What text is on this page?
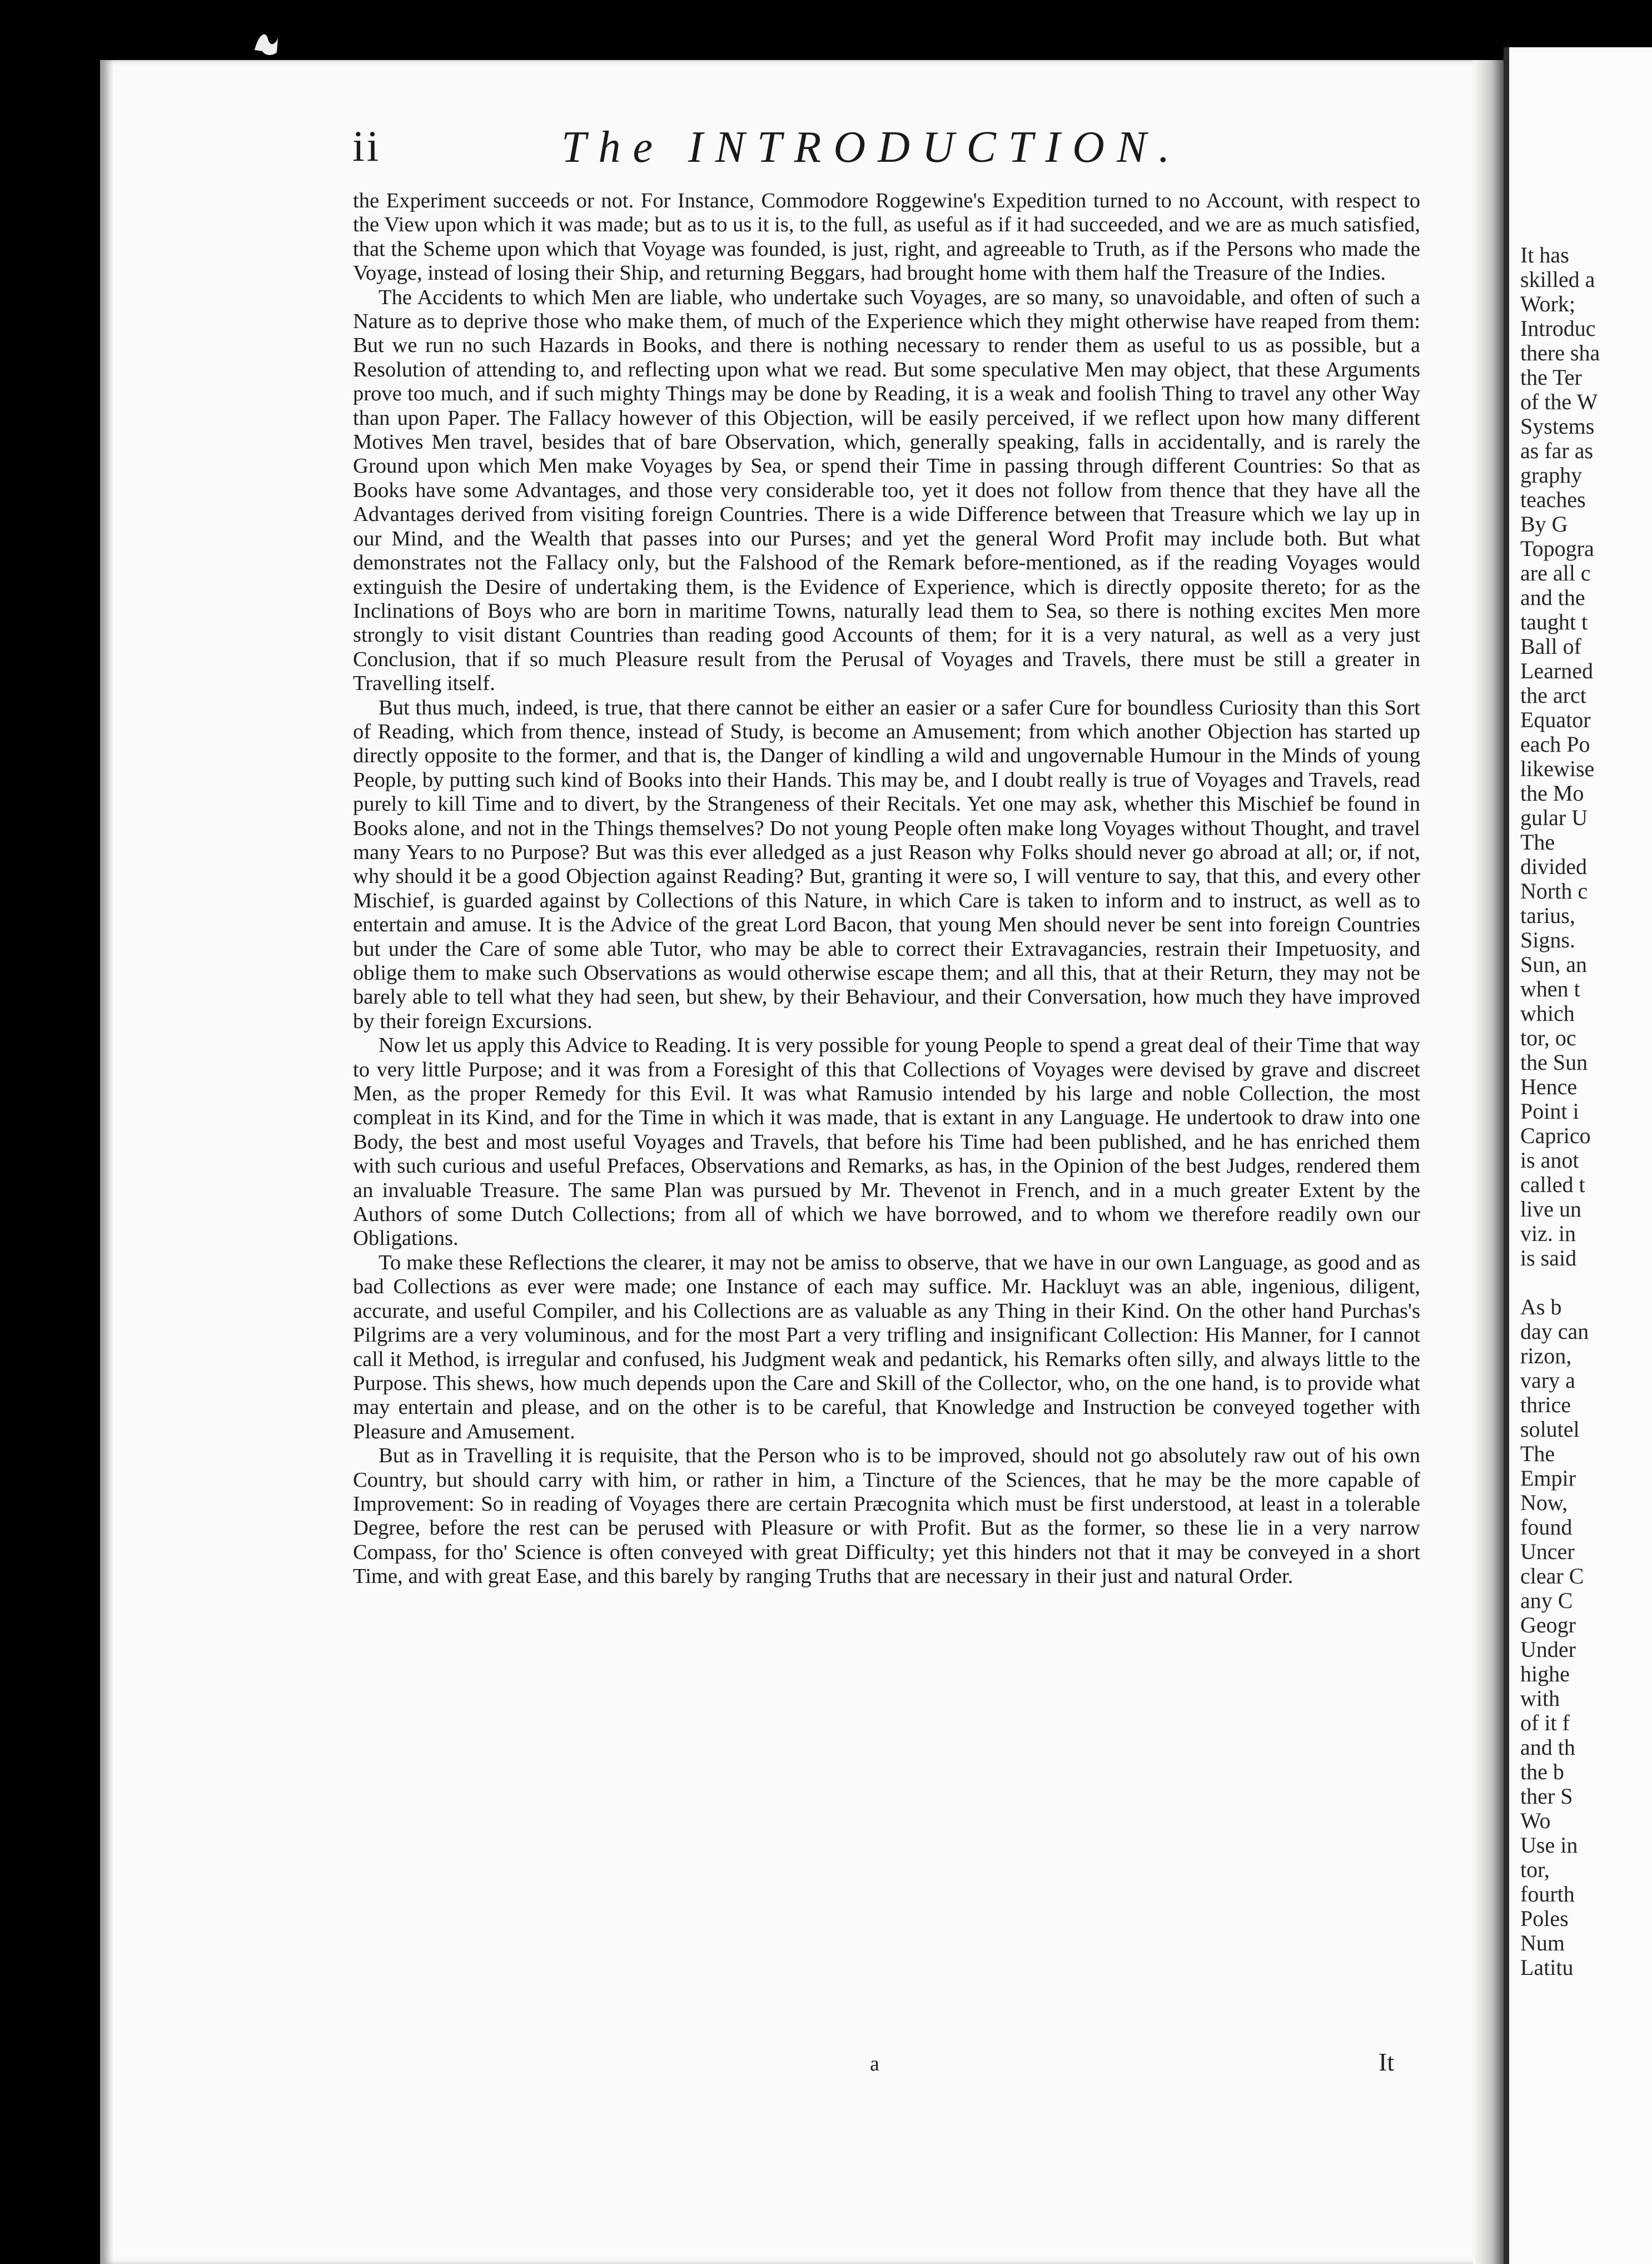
It has
skilled a
Work;
Introduc
there sha
the Ter
of the W
Systems
as far as
graphy
teaches
By G
Topogra
are all c
and the
taught t
Ball of
Learned
the arct
Equator
each Po
likewise
the Mo
gular U
The
divided
North c
tarius,
Signs.
Sun, an
when t
which
tor, oc
the Sun
Hence
Point i
Caprico
is anot
called t
live un
viz. in
is said
As b
day can
rizon,
vary a
thrice
solutel
The
Empir
Now,
found
Uncer
clear C
any C
Geogr
Under
highe
with
of it f
and th
the b
ther S
Wo
Use in
tor,
fourth
Poles
Num
Latitu
ii	The INTRODUCTION.

the Experiment succeeds or not. For Instance, Commodore Roggewine's Expedition turned to no Account, with respect to the View upon which it was made; but as to us it is, to the full, as useful as if it had succeeded, and we are as much satisfied, that the Scheme upon which that Voyage was founded, is just, right, and agreeable to Truth, as if the Persons who made the Voyage, instead of losing their Ship, and returning Beggars, had brought home with them half the Treasure of the Indies.

The Accidents to which Men are liable, who undertake such Voyages, are so many, so unavoidable, and often of such a Nature as to deprive those who make them, of much of the Experience which they might otherwise have reaped from them: But we run no such Hazards in Books, and there is nothing necessary to render them as useful to us as possible, but a Resolution of attending to, and reflecting upon what we read. But some speculative Men may object, that these Arguments prove too much, and if such mighty Things may be done by Reading, it is a weak and foolish Thing to travel any other Way than upon Paper. The Fallacy however of this Objection, will be easily perceived, if we reflect upon how many different Motives Men travel, besides that of bare Observation, which, generally speaking, falls in accidentally, and is rarely the Ground upon which Men make Voyages by Sea, or spend their Time in passing through different Countries: So that as Books have some Advantages, and those very considerable too, yet it does not follow from thence that they have all the Advantages derived from visiting foreign Countries. There is a wide Difference between that Treasure which we lay up in our Mind, and the Wealth that passes into our Purses; and yet the general Word Profit may include both. But what demonstrates not the Fallacy only, but the Falshood of the Remark before-mentioned, as if the reading Voyages would extinguish the Desire of undertaking them, is the Evidence of Experience, which is directly opposite thereto; for as the Inclinations of Boys who are born in maritime Towns, naturally lead them to Sea, so there is nothing excites Men more strongly to visit distant Countries than reading good Accounts of them; for it is a very natural, as well as a very just Conclusion, that if so much Pleasure result from the Perusal of Voyages and Travels, there must be still a greater in Travelling itself.

But thus much, indeed, is true, that there cannot be either an easier or a safer Cure for boundless Curiosity than this Sort of Reading, which from thence, instead of Study, is become an Amusement; from which another Objection has started up directly opposite to the former, and that is, the Danger of kindling a wild and ungovernable Humour in the Minds of young People, by putting such kind of Books into their Hands. This may be, and I doubt really is true of Voyages and Travels, read purely to kill Time and to divert, by the Strangeness of their Recitals. Yet one may ask, whether this Mischief be found in Books alone, and not in the Things themselves? Do not young People often make long Voyages without Thought, and travel many Years to no Purpose? But was this ever alledged as a just Reason why Folks should never go abroad at all; or, if not, why should it be a good Objection against Reading? But, granting it were so, I will venture to say, that this, and every other Mischief, is guarded against by Collections of this Nature, in which Care is taken to inform and to instruct, as well as to entertain and amuse. It is the Advice of the great Lord Bacon, that young Men should never be sent into foreign Countries but under the Care of some able Tutor, who may be able to correct their Extravagancies, restrain their Impetuosity, and oblige them to make such Observations as would otherwise escape them; and all this, that at their Return, they may not be barely able to tell what they had seen, but shew, by their Behaviour, and their Conversation, how much they have improved by their foreign Excursions.

Now let us apply this Advice to Reading. It is very possible for young People to spend a great deal of their Time that way to very little Purpose; and it was from a Foresight of this that Collections of Voyages were devised by grave and discreet Men, as the proper Remedy for this Evil. It was what Ramusio intended by his large and noble Collection, the most compleat in its Kind, and for the Time in which it was made, that is extant in any Language. He undertook to draw into one Body, the best and most useful Voyages and Travels, that before his Time had been published, and he has enriched them with such curious and useful Prefaces, Observations and Remarks, as has, in the Opinion of the best Judges, rendered them an invaluable Treasure. The same Plan was pursued by Mr. Thevenot in French, and in a much greater Extent by the Authors of some Dutch Collections; from all of which we have borrowed, and to whom we therefore readily own our Obligations.

To make these Reflections the clearer, it may not be amiss to observe, that we have in our own Language, as good and as bad Collections as ever were made; one Instance of each may suffice. Mr. Hackluyt was an able, ingenious, diligent, accurate, and useful Compiler, and his Collections are as valuable as any Thing in their Kind. On the other hand Purchas's Pilgrims are a very voluminous, and for the most Part a very trifling and insignificant Collection: His Manner, for I cannot call it Method, is irregular and confused, his Judgment weak and pedantick, his Remarks often silly, and always little to the Purpose. This shews, how much depends upon the Care and Skill of the Collector, who, on the one hand, is to provide what may entertain and please, and on the other is to be careful, that Knowledge and Instruction be conveyed together with Pleasure and Amusement.

But as in Travelling it is requisite, that the Person who is to be improved, should not go absolutely raw out of his own Country, but should carry with him, or rather in him, a Tincture of the Sciences, that he may be the more capable of Improvement: So in reading of Voyages there are certain Præcognita which must be first understood, at least in a tolerable Degree, before the rest can be perused with Pleasure or with Profit. But as the former, so these lie in a very narrow Compass, for tho' Science is often conveyed with great Difficulty; yet this hinders not that it may be conveyed in a short Time, and with great Ease, and this barely by ranging Truths that are necessary in their just and natural Order.

a	It
